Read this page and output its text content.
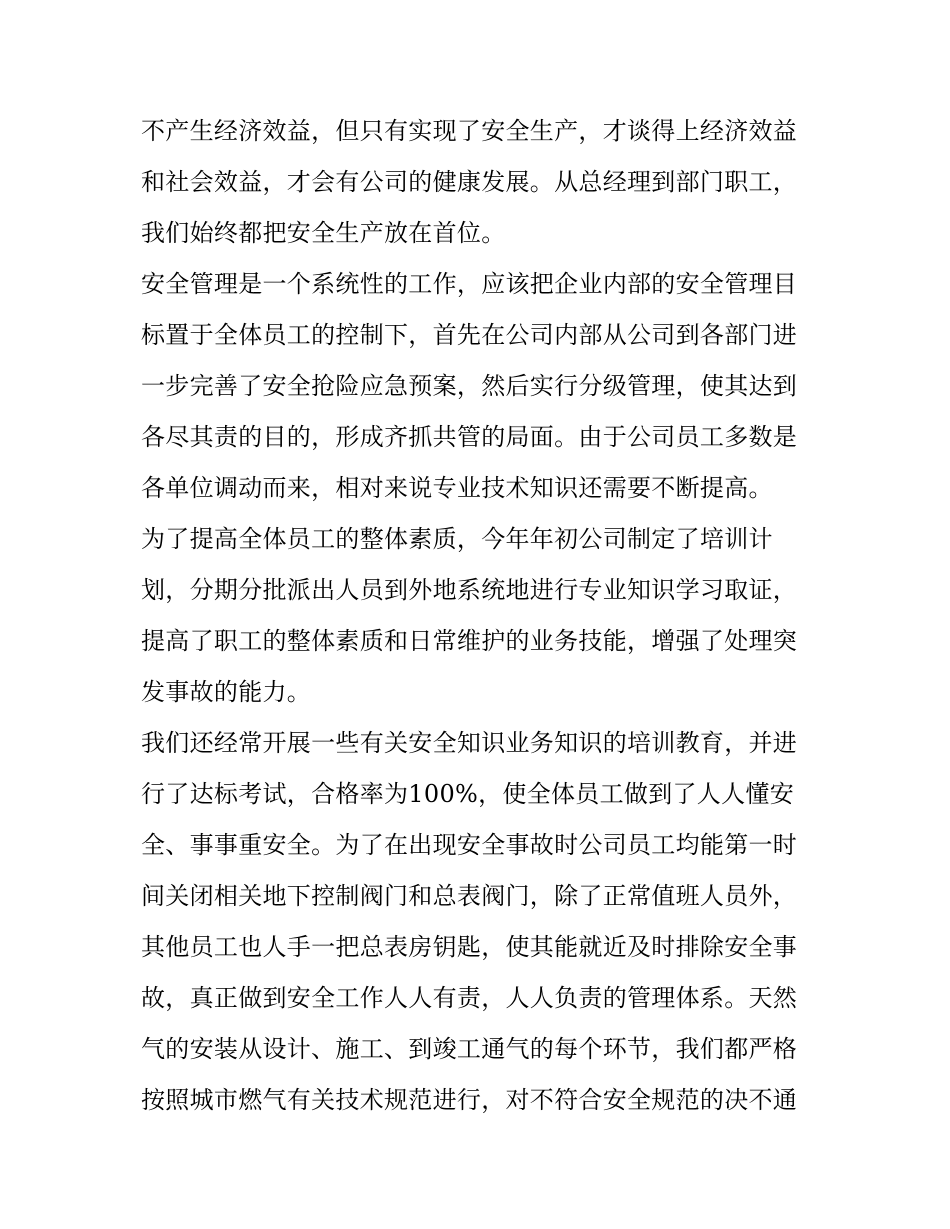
不产生经济效益，但只有实现了安全生产，才谈得上经济效益
和社会效益，才会有公司的健康发展。从总经理到部门职工，
我们始终都把安全生产放在首位。
安全管理是一个系统性的工作，应该把企业内部的安全管理目
标置于全体员工的控制下，首先在公司内部从公司到各部门进
一步完善了安全抢险应急预案，然后实行分级管理，使其达到
各尽其责的目的，形成齐抓共管的局面。由于公司员工多数是
各单位调动而来，相对来说专业技术知识还需要不断提高。
为了提高全体员工的整体素质，今年年初公司制定了培训计
划，分期分批派出人员到外地系统地进行专业知识学习取证，
提高了职工的整体素质和日常维护的业务技能，增强了处理突
发事故的能力。
我们还经常开展一些有关安全知识业务知识的培训教育，并进
行了达标考试，合格率为100%，使全体员工做到了人人懂安
全、事事重安全。为了在出现安全事故时公司员工均能第一时
间关闭相关地下控制阀门和总表阀门，除了正常值班人员外，
其他员工也人手一把总表房钥匙，使其能就近及时排除安全事
故，真正做到安全工作人人有责，人人负责的管理体系。天然
气的安装从设计、施工、到竣工通气的每个环节，我们都严格
按照城市燃气有关技术规范进行，对不符合安全规范的决不通
